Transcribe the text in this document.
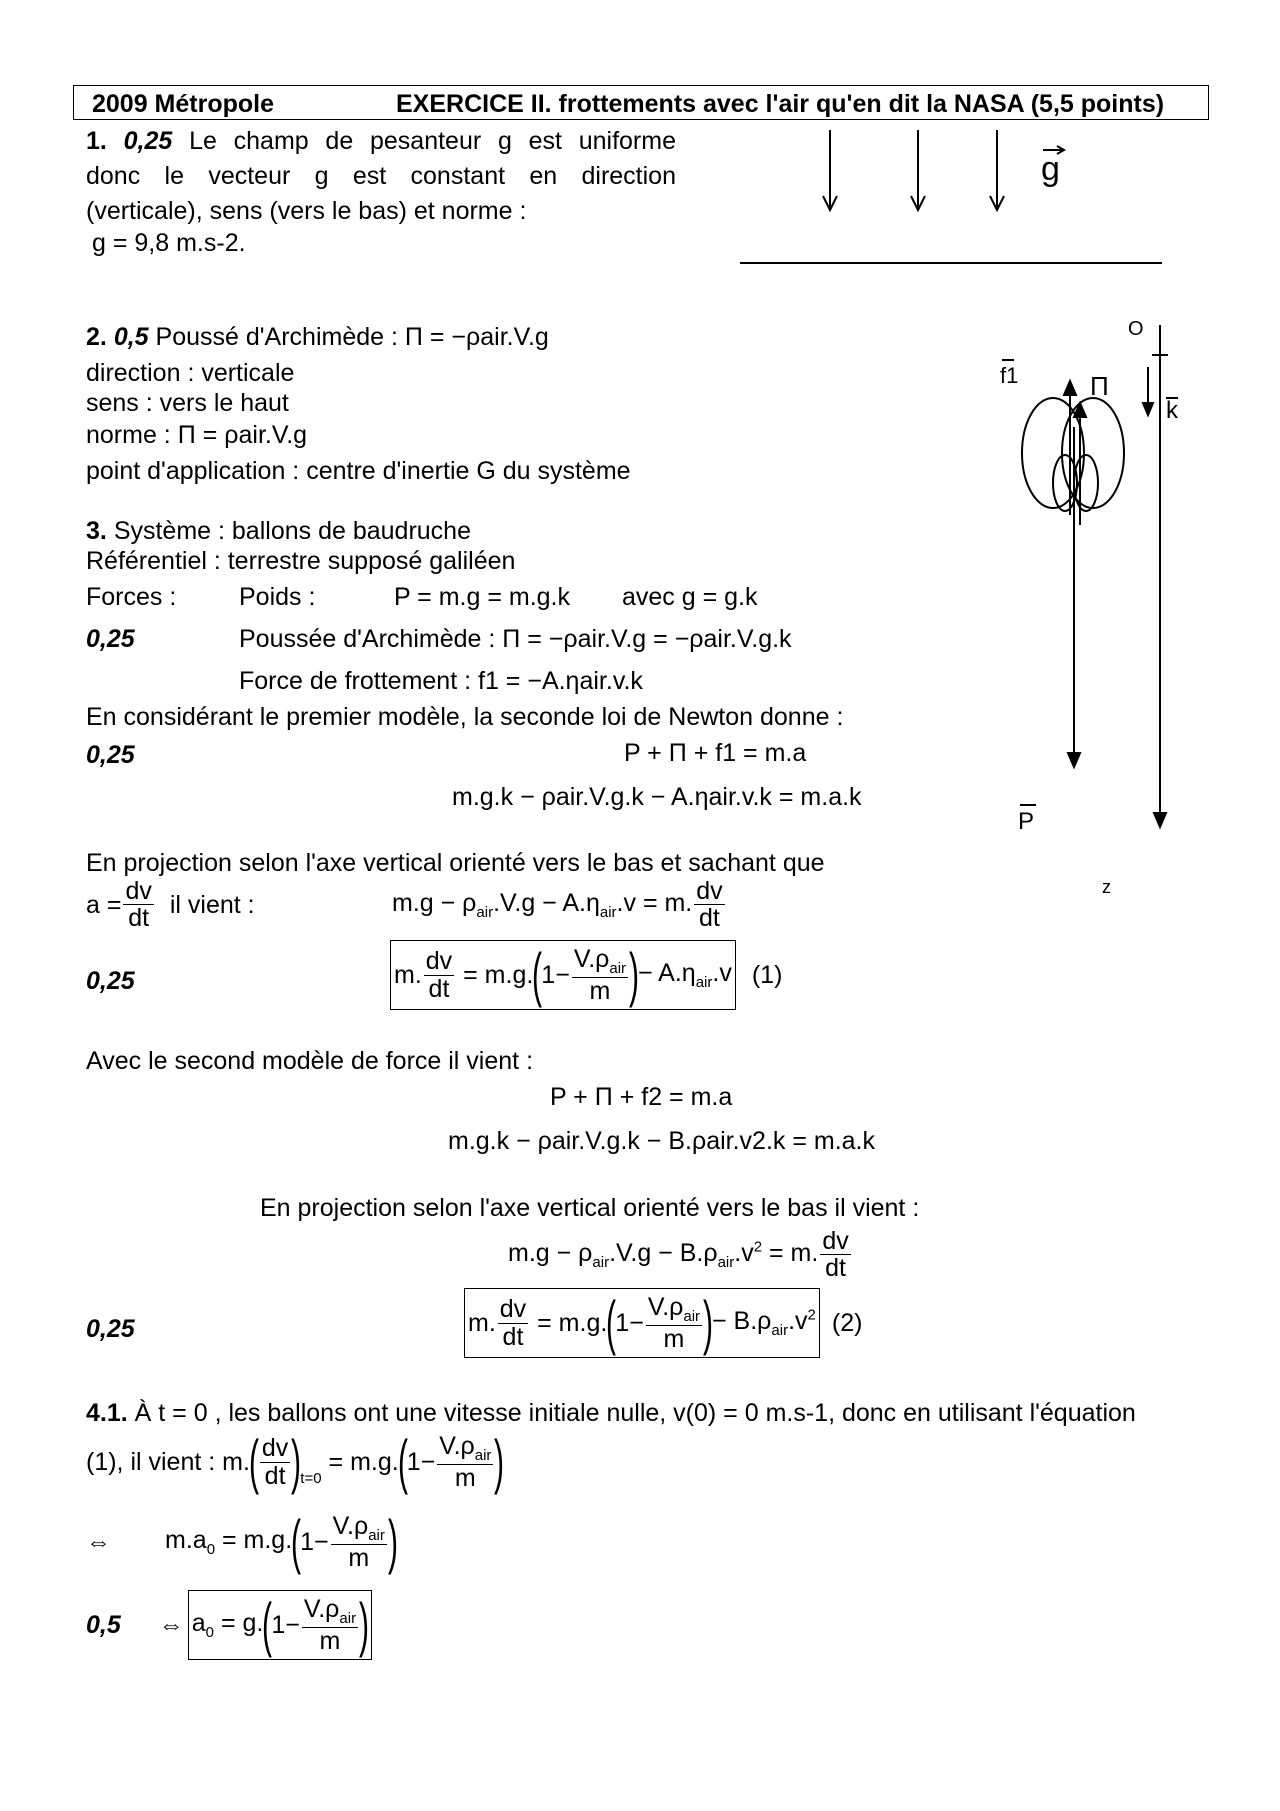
2009 Métropole	EXERCICE II. frottements avec l'air qu'en dit la NASA (5,5 points)
1. 0,25 Le champ de pesanteur g est uniforme
donc le vecteur g est constant en direction
(verticale), sens (vers le bas) et norme :
g = 9,8 m.s-2.
g
2. 0,5 Poussé d'Archimède : Π = −ρair.V.g
direction : verticale
sens : vers le haut
norme : Π = ρair.V.g
point d'application : centre d'inertie G du système
3. Système : ballons de baudruche
Référentiel : terrestre supposé galiléen
Forces :	Poids :	P = m.g = m.g.k avec g = g.k
0,25	Poussée d'Archimède : Π = −ρair.V.g = −ρair.V.g.k
Force de frottement : f1 = −A.ηair.v.k
En considérant le premier modèle, la seconde loi de Newton donne :
0,25	P + Π + f1 = m.a
m.g.k − ρair.V.g.k − A.ηair.v.k = m.a.k
En projection selon l'axe vertical orienté vers le bas et sachant que
$a = \frac{dv}{dt}$ il vient :	$m.g - \rho_{air}.V.g - A.\eta_{air}.v = m$. $\frac{dv}{dt}$
0,25	m. $\frac{dv}{dt} = m.g$.
(
$1- \frac{V.\rho_{air}}{m}$ )
− $A.\eta_{air}.v$ (1)
Avec le second modèle de force il vient :
P + Π + f2 = m.a
m.g.k − ρair.V.g.k − B.ρair.v2.k = m.a.k
En projection selon l'axe vertical orienté vers le bas il vient :
$m.g - \rho_{air}.V.g - B.\rho_{air}.v^2 = m$. $\frac{dv}{dt}$
0,25	m. $\frac{dv}{dt} = m.g$.
(
$1- \frac{V.\rho_{air}}{m}$ )
− $B.\rho_{air}.v^2$ (2)
4.1. À t = 0 , les ballons ont une vitesse initiale nulle, v(0) = 0 m.s-1, donc en utilisant l'équation
(1), il vient : m.
( $\frac{dv}{dt}$ )
t=0
= m.g.
(
$1- \frac{V.\rho_{air}}{m}$ )
⇔ $m.a_0 = m.g$.
(
$1- \frac{V.\rho_{air}}{m}$ )
0,5 ⇔ $a_0 = g$.
(
$1- \frac{V.\rho_{air}}{m}$ )
O
k
f1	Π
P
z
